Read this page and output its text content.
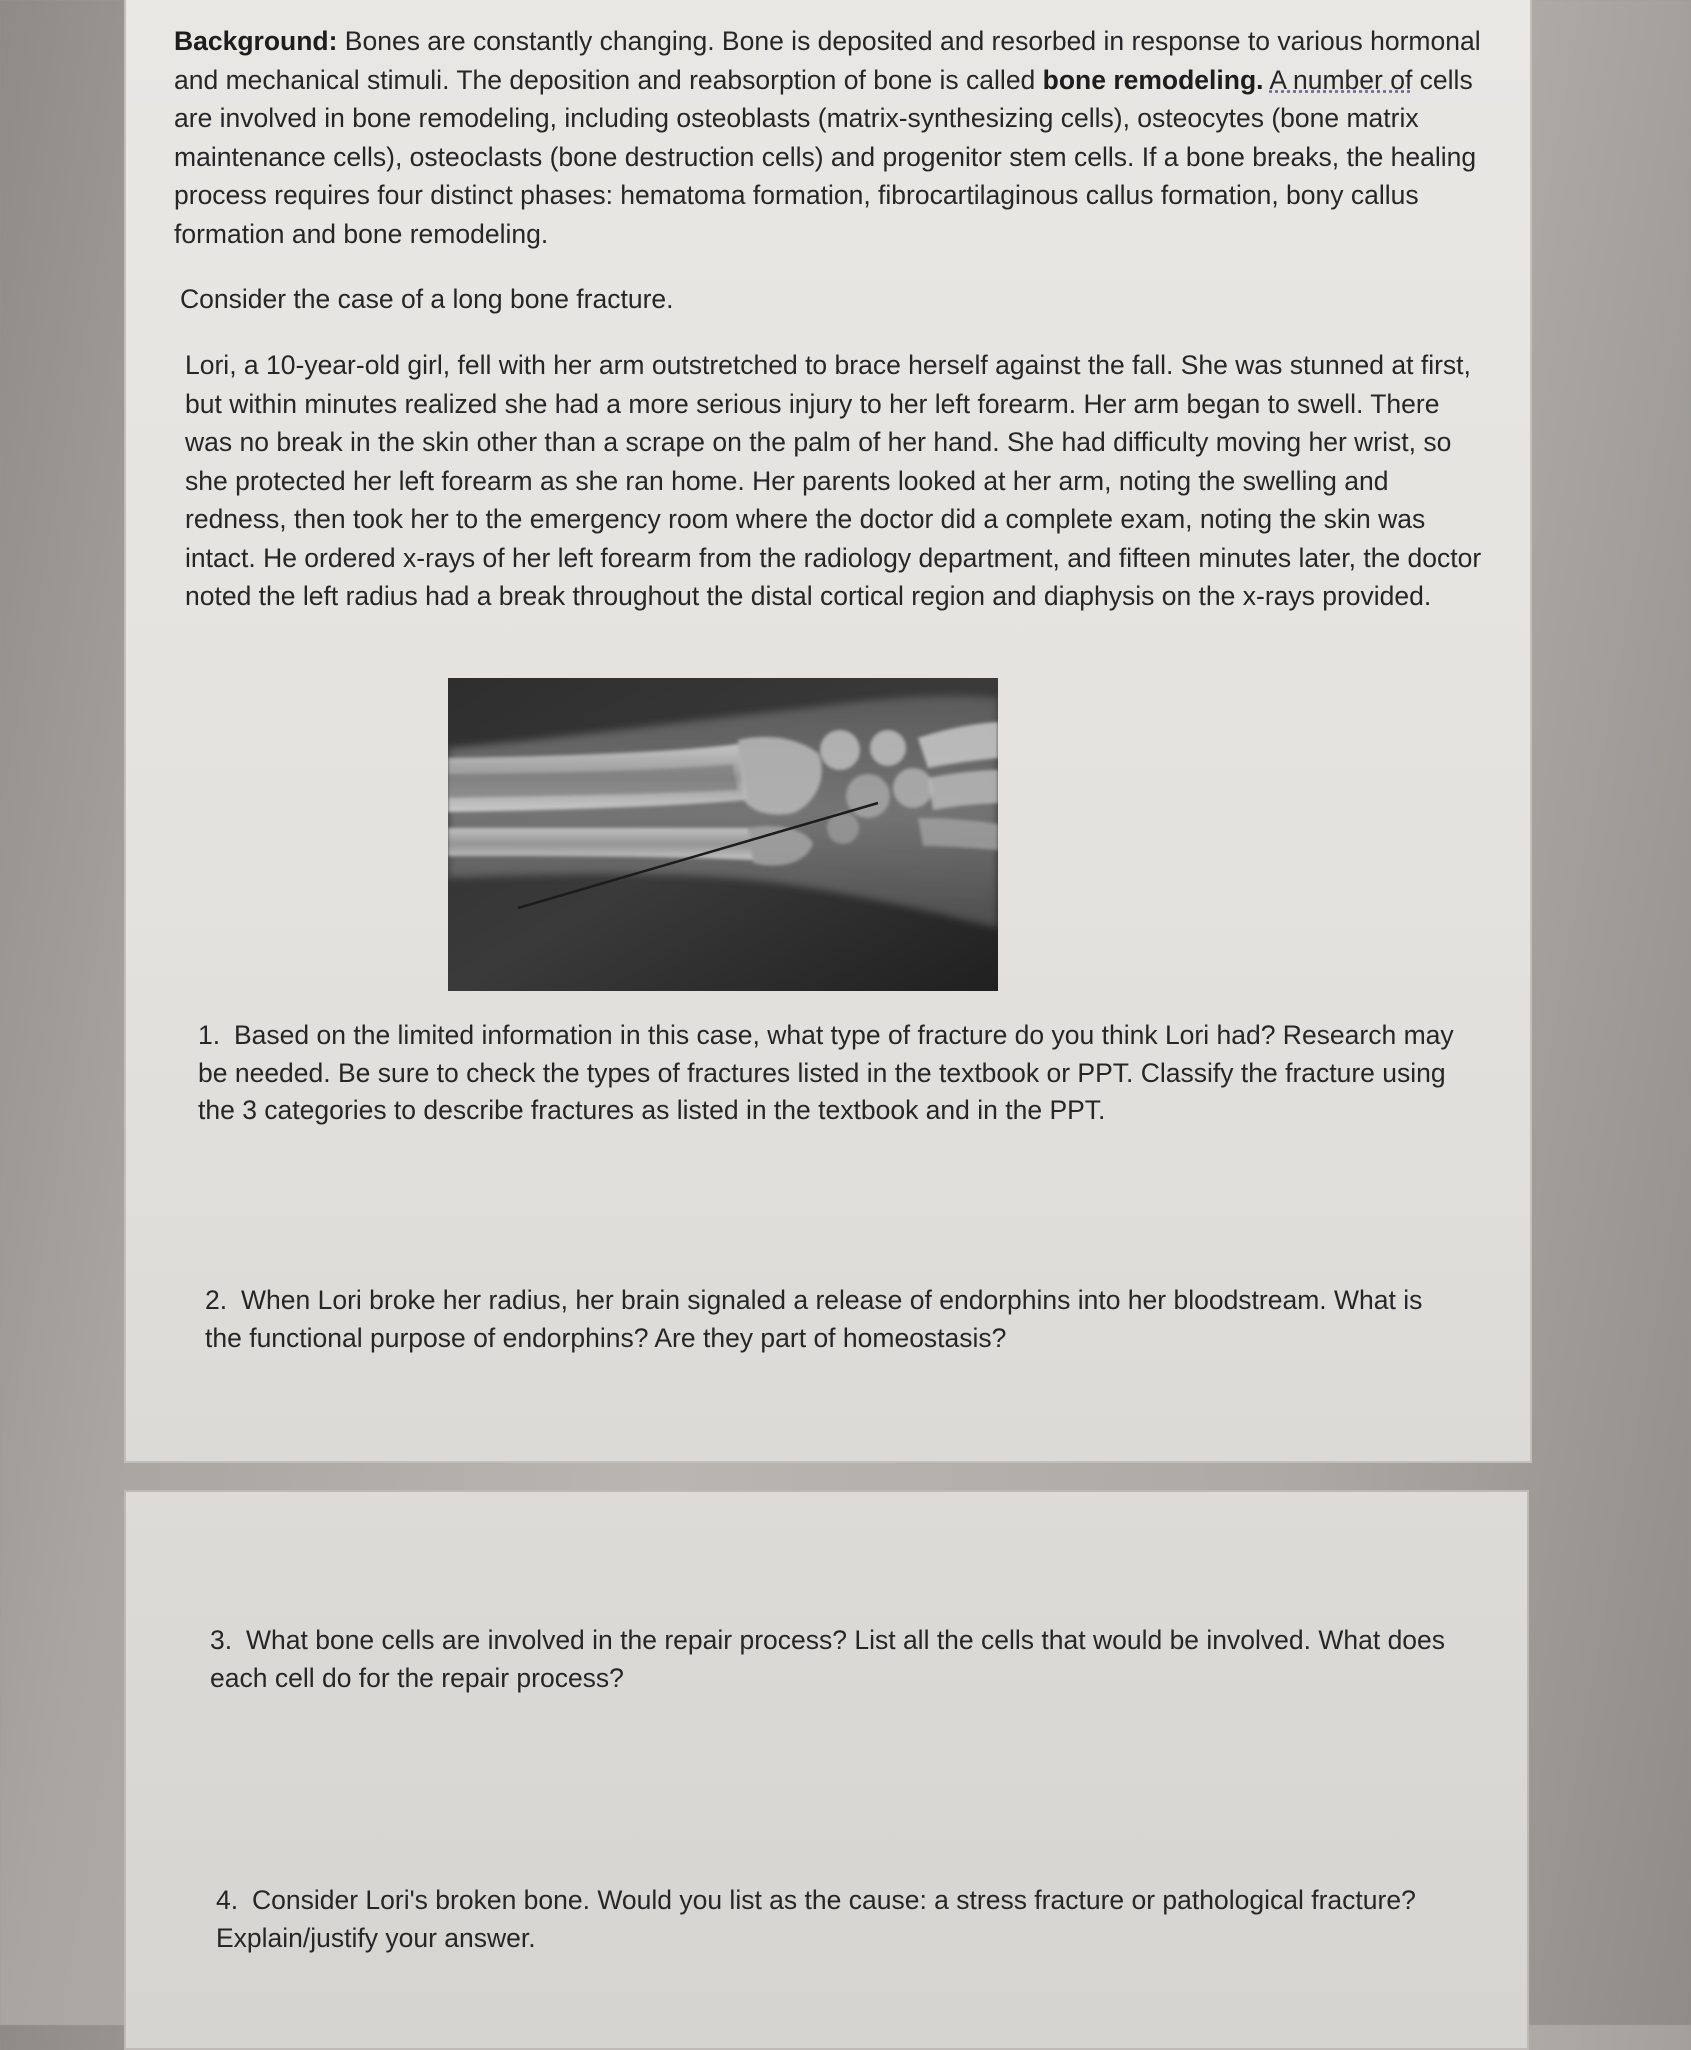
Background: Bones are constantly changing. Bone is deposited and resorbed in response to various hormonal and mechanical stimuli. The deposition and reabsorption of bone is called bone remodeling. A number of cells are involved in bone remodeling, including osteoblasts (matrix-synthesizing cells), osteocytes (bone matrix maintenance cells), osteoclasts (bone destruction cells) and progenitor stem cells. If a bone breaks, the healing process requires four distinct phases: hematoma formation, fibrocartilaginous callus formation, bony callus formation and bone remodeling.

Consider the case of a long bone fracture.

Lori, a 10-year-old girl, fell with her arm outstretched to brace herself against the fall. She was stunned at first, but within minutes realized she had a more serious injury to her left forearm. Her arm began to swell. There was no break in the skin other than a scrape on the palm of her hand. She had difficulty moving her wrist, so she protected her left forearm as she ran home. Her parents looked at her arm, noting the swelling and redness, then took her to the emergency room where the doctor did a complete exam, noting the skin was intact. He ordered x-rays of her left forearm from the radiology department, and fifteen minutes later, the doctor noted the left radius had a break throughout the distal cortical region and diaphysis on the x-rays provided.

1. Based on the limited information in this case, what type of fracture do you think Lori had? Research may be needed. Be sure to check the types of fractures listed in the textbook or PPT. Classify the fracture using the 3 categories to describe fractures as listed in the textbook and in the PPT.

2. When Lori broke her radius, her brain signaled a release of endorphins into her bloodstream. What is the functional purpose of endorphins? Are they part of homeostasis?

3. What bone cells are involved in the repair process? List all the cells that would be involved. What does each cell do for the repair process?

4. Consider Lori's broken bone. Would you list as the cause: a stress fracture or pathological fracture? Explain/justify your answer.
